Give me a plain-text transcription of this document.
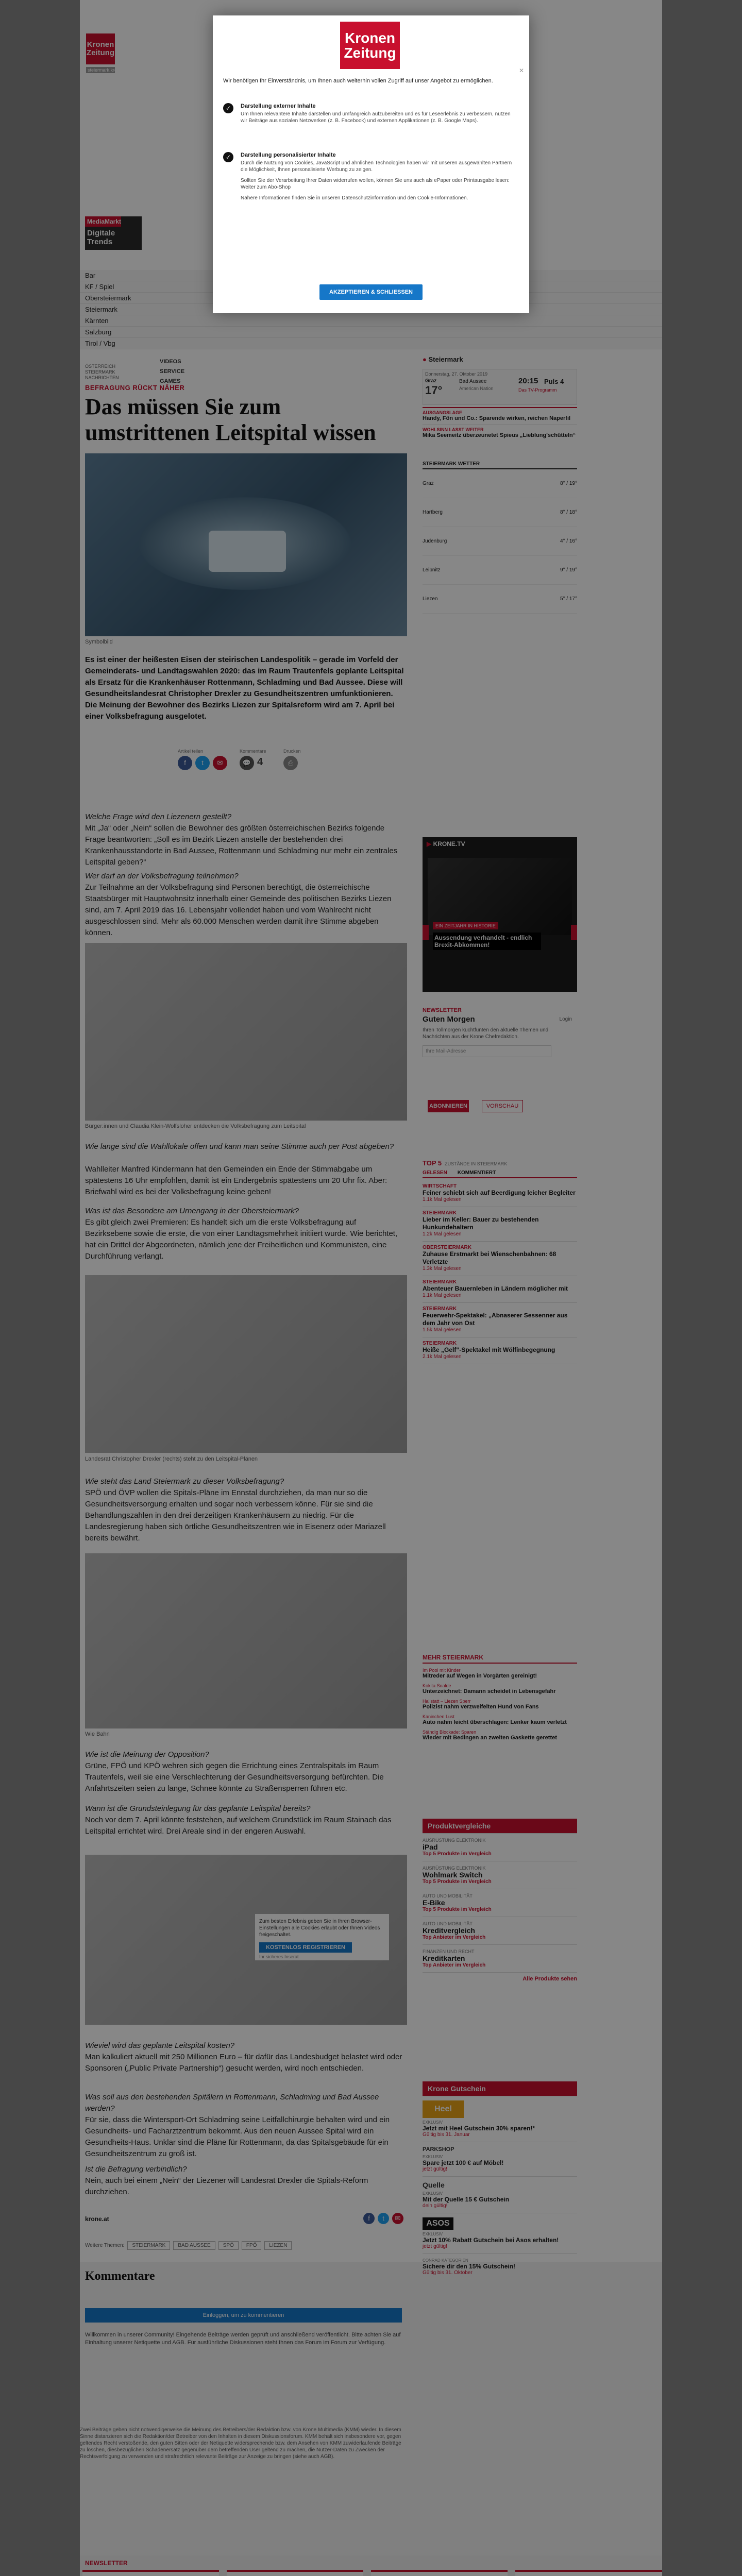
Kronen
Zeitung
steiermark.krone.at
MediaMarkt
Digitale Trends
Bar
KF / Spiel
Obersteiermark
Steiermark
Kärnten
Salzburg
Tirol / Vbg
ÖSTERREICH
STEIERMARK
NACHRICHTEN
VIDEOS
SERVICE
GAMES
BEFRAGUNG RÜCKT NÄHER
Das müssen Sie zum umstrittenen Leitspital wissen
Symbolbild

Es ist einer der heißesten Eisen der steirischen Landespolitik – gerade im Vorfeld der Gemeinderats- und Landtagswahlen 2020: das im Raum Trautenfels geplante Leitspital als Ersatz für die Krankenhäuser Rottenmann, Schladming und Bad Aussee. Diese will Gesundheitslandesrat Christopher Drexler zu Gesundheitszentren umfunktionieren. Die Meinung der Bewohner des Bezirks Liezen zur Spitalsreform wird am 7. April bei einer Volksbefragung ausgelotet.

Artikel teilen
f t ✉
Kommentare
💬 4
Drucken
⎙

Welche Frage wird den Liezenern gestellt?

Mit „Ja“ oder „Nein“ sollen die Bewohner des größten österreichischen Bezirks folgende Frage beantworten: „Soll es im Bezirk Liezen anstelle der bestehenden drei Krankenhausstandorte in Bad Aussee, Rottenmann und Schladming nur mehr ein zentrales Leitspital geben?“

Wer darf an der Volksbefragung teilnehmen?

Zur Teilnahme an der Volksbefragung sind Personen berechtigt, die österreichische Staatsbürger mit Hauptwohnsitz innerhalb einer Gemeinde des politischen Bezirks Liezen sind, am 7. April 2019 das 16. Lebensjahr vollendet haben und vom Wahlrecht nicht ausgeschlossen sind. Mehr als 60.000 Menschen werden damit ihre Stimme abgeben können.

Bürger:innen und Claudia Klein-Wolfsloher entdecken die Volksbefragung zum Leitspital

Wie lange sind die Wahllokale offen und kann man seine Stimme auch per Post abgeben?

Wahlleiter Manfred Kindermann hat den Gemeinden ein Ende der Stimmabgabe um spätestens 16 Uhr empfohlen, damit ist ein Endergebnis spätestens um 20 Uhr fix. Aber: Briefwahl wird es bei der Volksbefragung keine geben!

Was ist das Besondere am Urnengang in der Obersteiermark?

Es gibt gleich zwei Premieren: Es handelt sich um die erste Volksbefragung auf Bezirksebene sowie die erste, die von einer Landtagsmehrheit initiiert wurde. Wie berichtet, hat ein Drittel der Abgeordneten, nämlich jene der Freiheitlichen und Kommunisten, eine Durchführung verlangt.

Landesrat Christopher Drexler (rechts) steht zu den Leitspital-Plänen

Wie steht das Land Steiermark zu dieser Volksbefragung?

SPÖ und ÖVP wollen die Spitals-Pläne im Ennstal durchziehen, da man nur so die Gesundheitsversorgung erhalten und sogar noch verbessern könne. Für sie sind die Behandlungszahlen in den drei derzeitigen Krankenhäusern zu niedrig. Für die Landesregierung haben sich örtliche Gesundheitszentren wie in Eisenerz oder Mariazell bereits bewährt.

Wie Bahn

Wie ist die Meinung der Opposition?

Grüne, FPÖ und KPÖ wehren sich gegen die Errichtung eines Zentralspitals im Raum Trautenfels, weil sie eine Verschlechterung der Gesundheitsversorgung befürchten. Die Anfahrtszeiten seien zu lange, Schnee könnte zu Straßensperren führen etc.

Wann ist die Grundsteinlegung für das geplante Leitspital bereits?

Noch vor dem 7. April könnte feststehen, auf welchem Grundstück im Raum Stainach das Leitspital errichtet wird. Drei Areale sind in der engeren Auswahl.

Zum besten Erlebnis geben Sie in Ihren Browser-Einstellungen alle Cookies erlaubt oder Ihnen Videos freigeschaltet.
KOSTENLOS REGISTRIEREN
Ihr sicheres Inserat

Wieviel wird das geplante Leitspital kosten?

Man kalkuliert aktuell mit 250 Millionen Euro – für dafür das Landesbudget belastet wird oder Sponsoren („Public Private Partnership“) gesucht werden, wird noch entschieden.

Was soll aus den bestehenden Spitälern in Rottenmann, Schladming und Bad Aussee werden?

Für sie, dass die Wintersport-Ort Schladming seine Leitfallchirurgie behalten wird und ein Gesundheits- und Facharztzentrum bekommt. Aus den neuen Aussee Spital wird ein Gesundheits-Haus. Unklar sind die Pläne für Rottenmann, da das Spitalsgebäude für ein Gesundheitszentrum zu groß ist.

Ist die Befragung verbindlich?

Nein, auch bei einem „Nein“ der Liezener will Landesrat Drexler die Spitals-Reform durchziehen.

krone.at	f t ✉
Weitere Themen:	STEIERMARK	BAD AUSSEE	SPÖ	FPÖ	LIEZEN
Kommentare
Einloggen, um zu kommentieren

Willkommen in unserer Community! Eingehende Beiträge werden geprüft und anschließend veröffentlicht. Bitte achten Sie auf Einhaltung unserer Netiquette und AGB. Für ausführliche Diskussionen steht Ihnen das Forum im Forum zur Verfügung.

Zwei Beiträge geben nicht notwendigerweise die Meinung des Betreibers/der Redaktion bzw. von Krone Multimedia (KMM) wieder. In diesem Sinne distanzieren sich die Redaktion/der Betreiber von den Inhalten in diesem Diskussionsforum. KMM behält sich insbesondere vor, gegen geltendes Recht verstoßende, den guten Sitten oder der Netiquette widersprechende bzw. dem Ansehen von KMM zuwiderlaufende Beiträge zu löschen, diesbezüglichen Schadenersatz gegenüber dem betreffenden User geltend zu machen, die Nutzer-Daten zu Zwecken der Rechtsverfolgung zu verwenden und strafrechtlich relevante Beiträge zur Anzeige zu bringen (siehe auch AGB).

NEWSLETTER
● Steiermark
Donnerstag, 27. Oktober 2019
Graz
17°
Bad Aussee
American Nation
20:15 Puls 4
Das TV-Programm
AUSGANGSLAGE
Handy, Fön und Co.: Sparende wirken, reichen Naperfil
WOHLSINN LASST WEITER
Mika Seemeitz überzeunetet Spieus „Lieblung'schütteln“
STEIERMARK WETTER
Graz	8° / 19°
Hartberg	8° / 18°
Judenburg	4° / 16°
Leibnitz	9° / 19°
Liezen	5° / 17°
▶ KRONE.TV
EIN ZEITJAHR IN HISTORIE
Aussendung verhandelt - endlich Brexit-Abkommen!
NEWSLETTER
Guten Morgen	Login
Ihren Tollmorgen kuchtfunten den aktuelle Themen und Nachrichten aus der Krone Chefredaktion.
Ihre Mail-Adresse
ABONNIEREN	VORSCHAU
TOP 5 ZUSTÄNDE IN STEIERMARK
GELESEN KOMMENTIERT
WIRTSCHAFT
Feiner schiebt sich auf Beerdigung leicher Begleiter
1.1k Mal gelesen
STEIERMARK
Lieber im Keller: Bauer zu bestehenden Hunkundehaltern
1.2k Mal gelesen
OBERSTEIERMARK
Zuhause Erstmarkt bei Wienschenbahnen: 68 Verletzte
1.3k Mal gelesen
STEIERMARK
Abenteuer Bauernleben in Ländern möglicher mit
1.1k Mal gelesen
STEIERMARK
Feuerwehr-Spektakel: „Abnaserer Sessenner aus dem Jahr von Ost
1.5k Mal gelesen
STEIERMARK
Heiße „Gelf“-Spektakel mit Wölfinbegegnung
2.1k Mal gelesen
MEHR STEIERMARK
Im Pool mit Kinder
Mitreder auf Wegen in Vorgärten gereinigt!
Kokita Soalde
Unterzeichnet: Damann scheidet in Lebensgefahr
Hallstatt – Liezen Sperr
Polizist nahm verzweifelten Hund von Fans
Kaninchen Lust
Auto nahm leicht überschlagen: Lenker kaum verletzt
Ständig Blockade: Sparen
Wieder mit Bedingen an zweiten Gaskette gerettet
Produktvergleiche
AUSRÜSTUNG ELEKTRONIK
iPad
Top 5 Produkte im Vergleich
AUSRÜSTUNG ELEKTRONIK
Wohlmark Switch
Top 5 Produkte im Vergleich
AUTO UND MOBILITÄT
E-Bike
Top 5 Produkte im Vergleich
AUTO UND MOBILITÄT
Kreditvergleich
Top Anbieter im Vergleich
FINANZEN UND RECHT
Kreditkarten
Top Anbieter im Vergleich
Alle Produkte sehen
Krone Gutschein
Heel
EXKLUSIV
Jetzt mit Heel Gutschein 30% sparen!*
Gültig bis 31. Januar
PARKSHOP
EXKLUSIV
Spare jetzt 100 € auf Möbel!
jetzt gültig!
Quelle
EXKLUSIV
Mit der Quelle 15 € Gutschein
dein gültig!
ASOS
EXKLUSIV
Jetzt 10% Rabatt Gutschein bei Asos erhalten!
jetzt gültig!
CONRAD KATEGORIEN
Sichere dir den 15% Gutschein!
Gültig bis 31. Oktober
Kronen
Zeitung
✕

Wir benötigen Ihr Einverständnis, um Ihnen auch weiterhin vollen Zugriff auf unser Angebot zu ermöglichen.

✓	Darstellung externer Inhalte
Um Ihnen relevantere Inhalte darstellen und umfangreich aufzubereiten und es für Leseerlebnis zu verbessern, nutzen wir Beiträge aus sozialen Netzwerken (z. B. Facebook) und externen Applikationen (z. B. Google Maps).
✓	Darstellung personalisierter Inhalte
Durch die Nutzung von Cookies, JavaScript und ähnlichen Technologien haben wir mit unseren ausgewählten Partnern die Möglichkeit, Ihnen personalisierte Werbung zu zeigen.
Sollten Sie der Verarbeitung Ihrer Daten widerrufen wollen, können Sie uns auch als ePaper oder Printausgabe lesen: Weiter zum Abo-Shop
Nähere Informationen finden Sie in unseren Datenschutzinformation und den Cookie-Informationen.
AKZEPTIEREN & SCHLIESSEN
